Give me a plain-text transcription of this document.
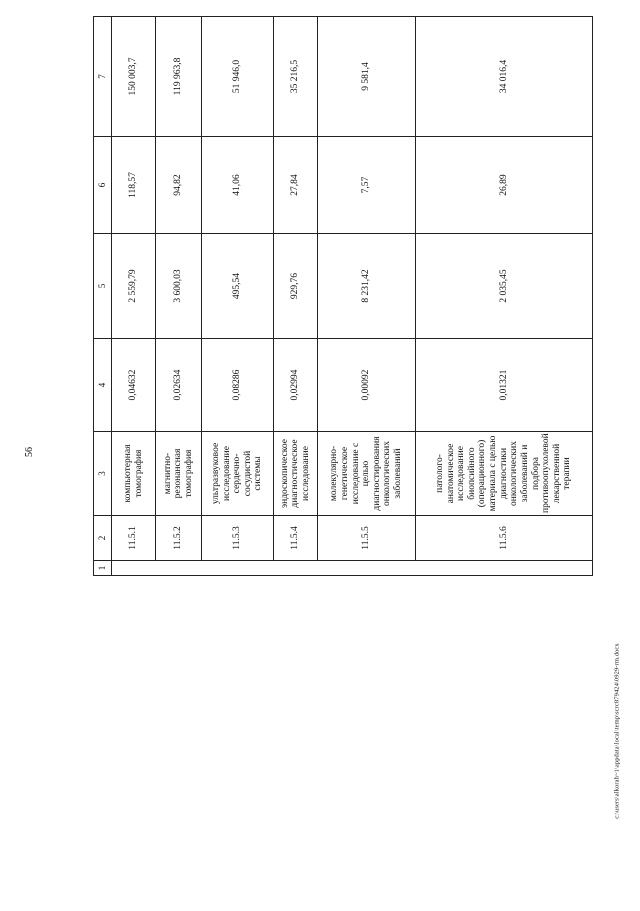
56
1	2	3	4	5	6	7
	11.5.1	компьютерная томография	0,04632	2 559,79	118,57	150 003,7
	11.5.2	магнитно-резонансная томография	0,02634	3 600,03	94,82	119 963,8
	11.5.3	ультразвуковое исследование сердечно-сосудистой системы	0,08286	495,54	41,06	51 946,0
	11.5.4	эндоскопическое диагностическое исследование	0,02994	929,76	27,84	35 216,5
	11.5.5	молекулярно-генетическое исследование с целью диагностирования онкологических заболеваний	0,00092	8 231,42	7,57	9 581,4
	11.5.6	патолого-анатомическое исследование биопсийного (операционного) материала с целью диагностики онкологических заболеваний и подбора противоопухолевой лекарственной терапии	0,01321	2 035,45	26,89	34 016,4
c:\users\alkorah~1\appdata\local\temp\scrc879424\0929-rm.docx
